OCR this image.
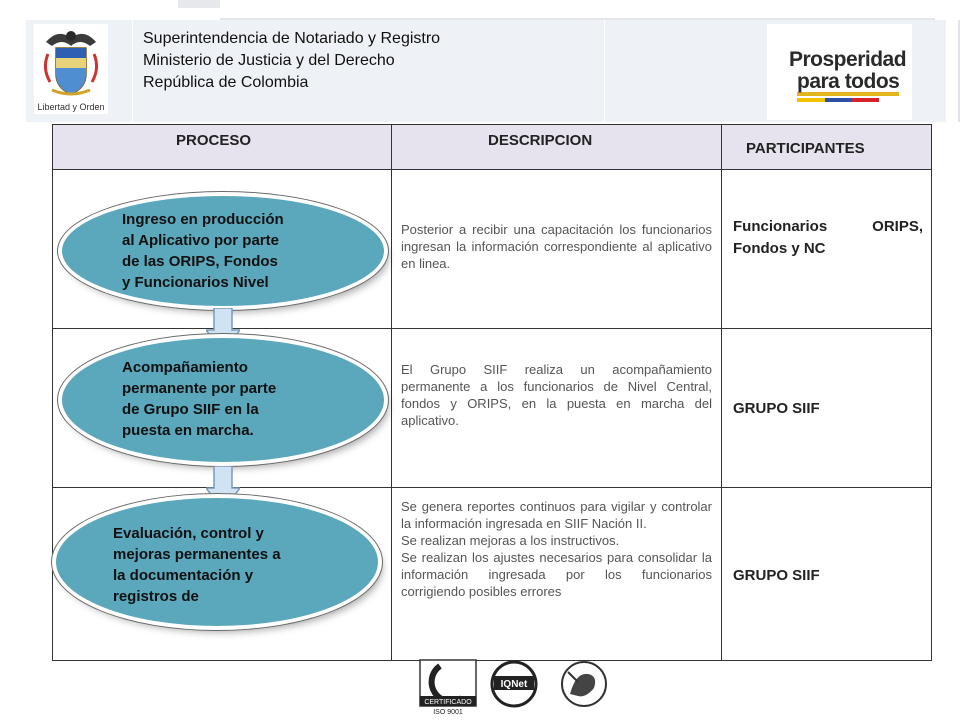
Libertad y Orden
Superintendencia de Notariado y Registro
Ministerio de Justicia y del Derecho
República de Colombia
Prosperidad
para todos
PROCESO	DESCRIPCION	PARTICIPANTES
Ingreso en producción
al Aplicativo por parte
de las ORIPS, Fondos
y Funcionarios Nivel
Posterior a recibir una capacitación los funcionarios ingresan la información correspondiente al aplicativo en linea.
Funcionarios ORIPS, Fondos y NC
Acompañamiento
permanente por parte
de Grupo SIIF en la
puesta en marcha.
El Grupo SIIF realiza un acompañamiento permanente a los funcionarios de Nivel Central, fondos y ORIPS, en la puesta en marcha del aplicativo.
GRUPO SIIF
Evaluación, control y
mejoras permanentes a
la documentación y
registros de
Se genera reportes continuos para vigilar y controlar la información ingresada en SIIF Nación II.
Se realizan mejoras a los instructivos.
Se realizan los ajustes necesarios para consolidar la información ingresada por los funcionarios corrigiendo posibles errores
GRUPO SIIF
CERTIFICADO
ISO 9001
IQNet
